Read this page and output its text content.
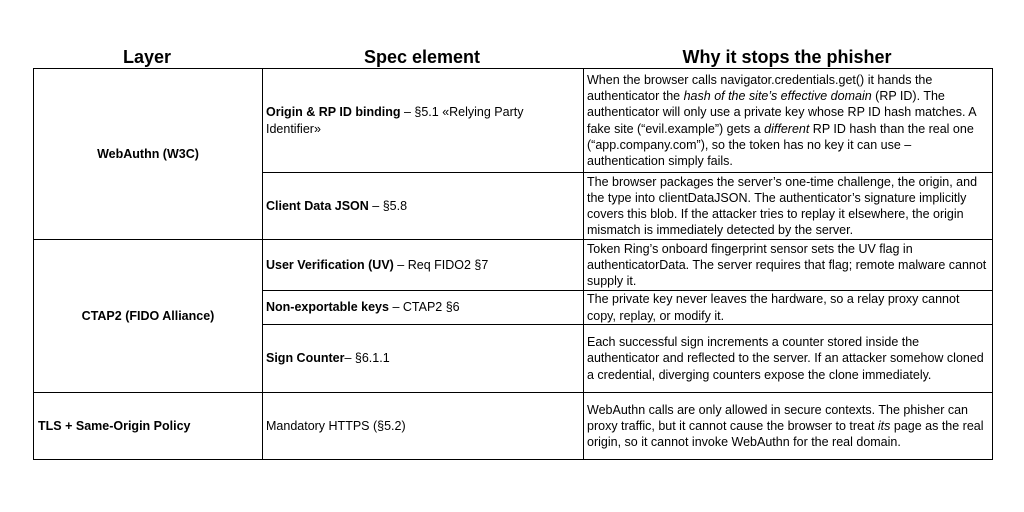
Layer	Spec element	Why it stops the phisher
WebAuthn (W3C)	Origin & RP ID binding – §5.1 «Relying Party Identifier»	When the browser calls navigator.credentials.get() it hands the authenticator the hash of the site’s effective domain (RP ID). The authenticator will only use a private key whose RP ID hash matches. A fake site (“evil.example”) gets a different RP ID hash than the real one (“app.company.com”), so the token has no key it can use – authentication simply fails.
	Client Data JSON – §5.8	The browser packages the server’s one-time challenge, the origin, and the type into clientDataJSON. The authenticator’s signature implicitly covers this blob. If the attacker tries to replay it elsewhere, the origin mismatch is immediately detected by the server.
CTAP2 (FIDO Alliance)	User Verification (UV) – Req FIDO2 §7	Token Ring’s onboard fingerprint sensor sets the UV flag in authenticatorData. The server requires that flag; remote malware cannot supply it.
	Non-exportable keys – CTAP2 §6	The private key never leaves the hardware, so a relay proxy cannot copy, replay, or modify it.
	Sign Counter– §6.1.1	Each successful sign increments a counter stored inside the authenticator and reflected to the server. If an attacker somehow cloned a credential, diverging counters expose the clone immediately.
TLS + Same-Origin Policy	Mandatory HTTPS (§5.2)	WebAuthn calls are only allowed in secure contexts. The phisher can proxy traffic, but it cannot cause the browser to treat its page as the real origin, so it cannot invoke WebAuthn for the real domain.
